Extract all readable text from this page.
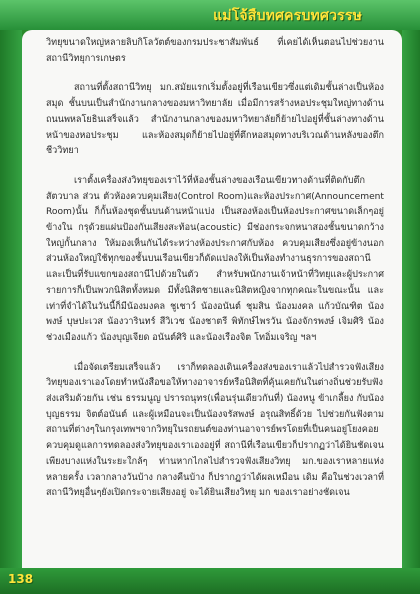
แม่โจ้สืบทศครบทศวรรษ

วิทยุขนาดใหญ่หลายลิบกิโลวัตต์ของกรมประชาสัมพันธ์ ที่เคยได้เห็นตอนไปช่วยงานสถานีวิทยุการเกษตร

สถานที่ตั้งสถานีวิทยุ มก.สมัยแรกเริ่มตั้งอยู่ที่เรือนเขียวซึ่งแต่เดิมชั้นล่างเป็นห้องสมุด ชั้นบนเป็นสำนักงานกลางของมหาวิทยาลัย เมื่อมีการสร้างหอประชุมใหญ่ทางด้านถนนพหลโยธินเสร็จแล้ว สำนักงานกลางของมหาวิทยาลัยก็ย้ายไปอยู่ที่ชั้นล่างทางด้านหน้าของหอประชุม และห้องสมุดก็ย้ายไปอยู่ที่ตึกหอสมุดทางบริเวณด้านหลังของตึกชีววิทยา

เราตั้งเครื่องส่งวิทยุของเราไว้ที่ห้องชั้นล่างของเรือนเขียวทางด้านที่ติดกับตึกสัตวบาล ส่วน ตัวห้องควบคุมเสียง(Control Room)และห้องประกาศ(Announcement Room)นั้น ก็กั้นห้องชุดชั้นบนด้านหน้าแบ่ง เป็นสองห้องเป็นห้องประกาศขนาดเล็กๆอยู่ข้างใน กรุด้วยแผ่นป้องกันเสียงสะท้อน(acoustic) มีช่องกระจกหนาสองชั้นขนาดกว้างใหญ่กั้นกลาง ให้มองเห็นกันได้ระหว่างห้องประกาศกับห้อง ควบคุมเสียงซึ่งอยู่ข้างนอก ส่วนห้องใหญ่ใช้ทุกของชั้นบนเรือนเขียวก็ดัดแปลงให้เป็นห้องทำงานธุรการของสถานี และเป็นที่รับแขกของสถานีไปด้วยในตัว สำหรับพนักงานเจ้าหน้าที่วิทยุและผู้ประกาศรายการก็เป็นพวกนิสิตทั้งหมด มีทั้งนิสิตชายและนิสิตหญิงจากทุกคณะในขณะนั้น และ เท่าที่จำได้ในวันนี้ก็มีน้องมงคล ชูเชาว์ น้องอนันต์ ชุมสิน น้องมงคล แก้วบัณฑิต น้องพงษ์ บุษปะเวส น้องวารินทร์ สีวิเวช น้องชาตรี พิทักษ์ไพรวัน น้องจักรพงษ์ เจิมศิริ น้องช่วงเมืองแก้ว น้องบุญเจียด อนันต์ศิริ และน้องเรืองจิต โทอิ่มเจริญ ฯลฯ

เมื่อจัดเตรียมเสร็จแล้ว เราก็ทดลองเดินเครื่องส่งของเราแล้วไปสำรวจฟังเสียงวิทยุของเราเองโดยทำหนังสือขอให้ทางอาจารย์หรือนิสิตที่คุ้นเคยกันในต่างถิ่นช่วยรับฟังส่งเสริมด้วยกัน เช่น ธรรมนูญ ปรารถนุทร(เพื่อนรุ่นเดียวกันที่) น้องหนู ข้าเกลี้ยง กับน้องบุญธรรม จิตต์อนันต์ และผู้เหมือนจะเป็นน้องจรัสพงษ์ อรุณสิทธิ์ด้วย ไปช่วยกันฟังตามสถานที่ต่างๆในกรุงเทพฯจากวิทยุในรถยนต์ของท่านอาจารย์พรโดยที่เป็นคนอยู่โยงคอยควบคุมดูแลการทดลองส่งวิทยุของเราเองอยู่ที่ สถานีที่เรือนเขียวก็ปรากฏว่าได้ยินชัดเจนเพียงบางแห่งในระยะใกล้ๆ ท่านหากไกลไปสำรวจฟังเสียงวิทยุ มก.ของเราหลายแห่ง หลายครั้ง เวลากลางวันบ้าง กลางคืนบ้าง ก็ปรากฏว่าได้ผลเหมือน เดิม คือในช่วงเวลาที่สถานีวิทยุอื่นๆยังเปิดกระจายเสียงอยู่ จะได้ยินเสียงวิทยุ มก ของเราอย่างชัดเจน

138
